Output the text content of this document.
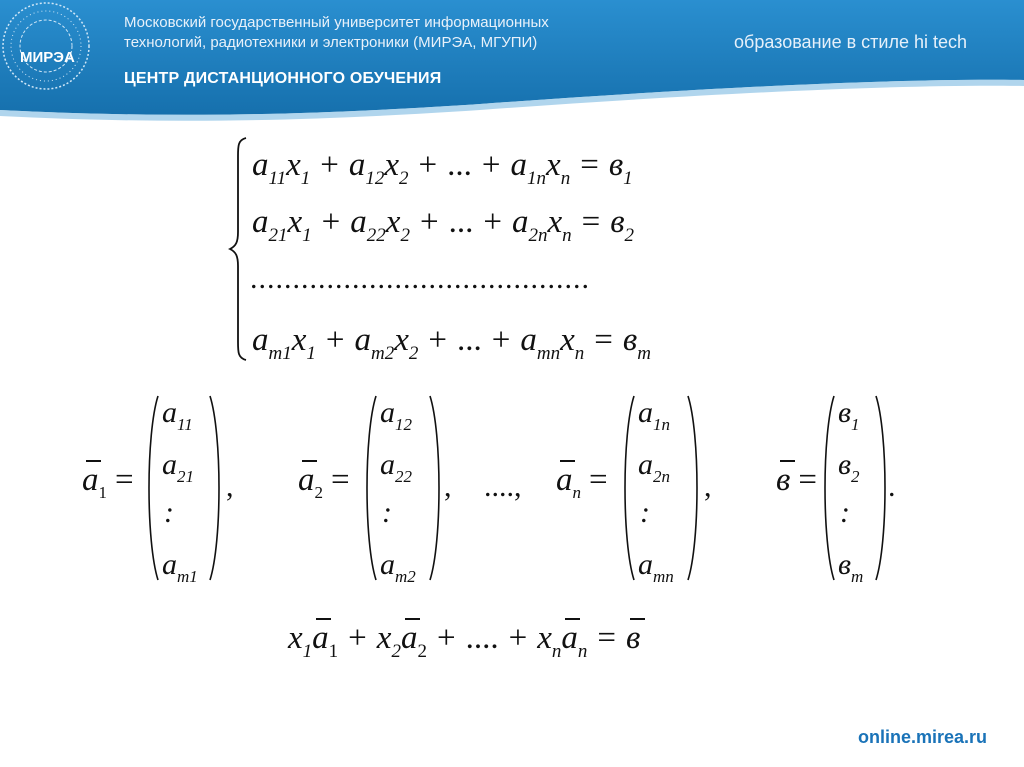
МИРЭА
Московский государственный университет информационных
технологий, радиотехники и электроники (МИРЭА, МГУПИ)
ЦЕНТР ДИСТАНЦИОННОГО ОБУЧЕНИЯ
образование в стиле hi tech
$a_{11}x_1 + a_{12}x_2$ + ... + $a_{1n}x_n = в_1$
$a_{21}x_1 + a_{22}x_2$ + ... + $a_{2n}x_n = в_2$
........................................
$a_{m1}x_1 + a_{m2}x_2$ + ... + $a_{mn}x_n = в_m$
$a_1$ =
$a_{11}$
$a_{21}$
:
$a_{m1}$
, $a_2$ =
$a_{12}$
$a_{22}$
:
$a_{m2}$
, ...., $a_n$ =
$a_{1n}$
$a_{2n}$
:
$a_{mn}$
, в =
$в_1$
$в_2$
:
$в_m$
.
$x_1a_1 + x_2a_2$ + .... + $x_na_n = в$
online.mirea.ru
